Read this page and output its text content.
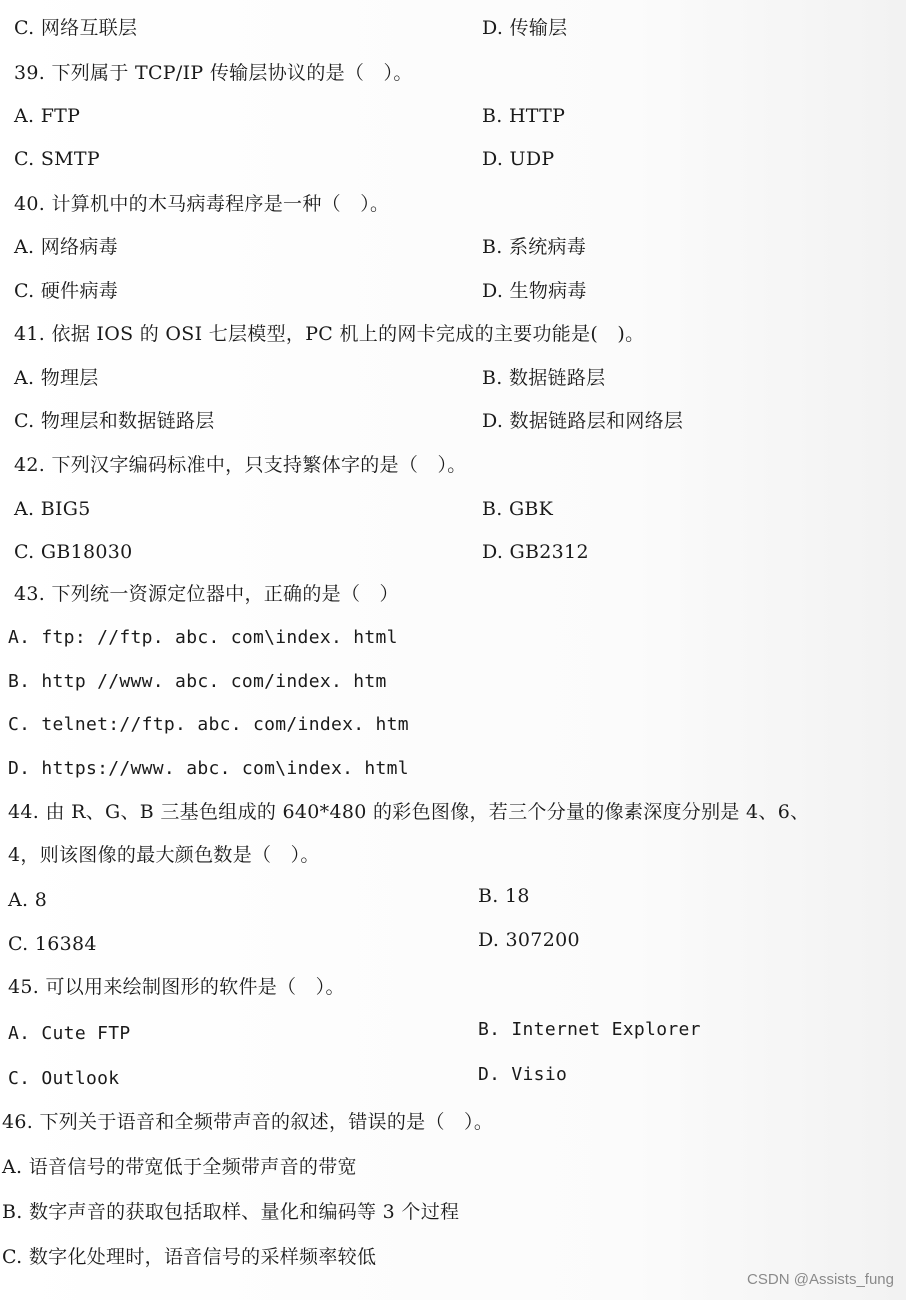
C. 网络互联层	D. 传输层
39. 下列属于 TCP/IP 传输层协议的是（　）。
A. FTP	B. HTTP
C. SMTP	D. UDP
40. 计算机中的木马病毒程序是一种（　）。
A. 网络病毒	B. 系统病毒
C. 硬件病毒	D. 生物病毒
41. 依据 IOS 的 OSI 七层模型，PC 机上的网卡完成的主要功能是(　)。
A. 物理层	B. 数据链路层
C. 物理层和数据链路层	D. 数据链路层和网络层
42. 下列汉字编码标准中，只支持繁体字的是（　）。
A. BIG5	B. GBK
C. GB18030	D. GB2312
43. 下列统一资源定位器中，正确的是（　）
A. ftp: //ftp. abc. com\index. html
B. http //www. abc. com/index. htm
C. telnet://ftp. abc. com/index. htm
D. https://www. abc. com\index. html
44. 由 R、G、B 三基色组成的 640*480 的彩色图像，若三个分量的像素深度分别是 4、6、
4，则该图像的最大颜色数是（　）。
A. 8	B. 18
C. 16384	D. 307200
45. 可以用来绘制图形的软件是（　）。
A. Cute FTP	B. Internet Explorer
C. Outlook	D. Visio
46. 下列关于语音和全频带声音的叙述，错误的是（　）。
A. 语音信号的带宽低于全频带声音的带宽
B. 数字声音的获取包括取样、量化和编码等 3 个过程
C. 数字化处理时，语音信号的采样频率较低
CSDN @Assists_fung
